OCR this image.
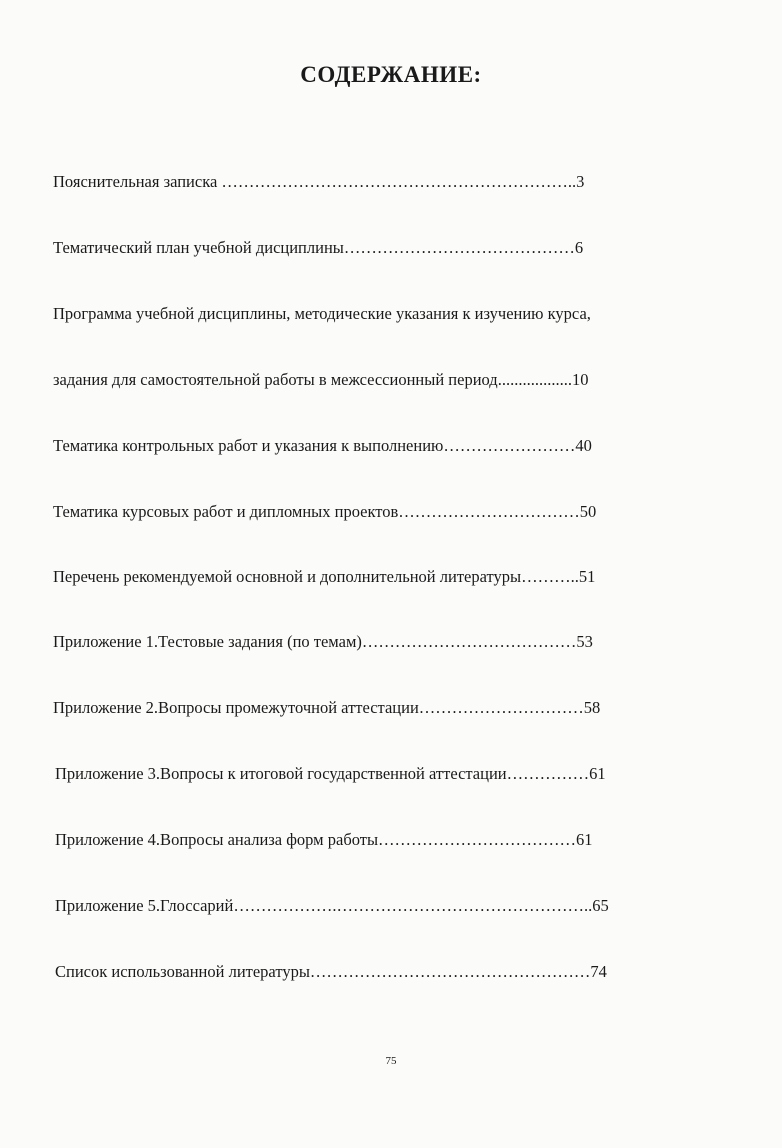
СОДЕРЖАНИЕ:
Пояснительная записка ………………………………………………………..3
Тематический план учебной дисциплины……………………………………6
Программа учебной дисциплины, методические указания к изучению курса,
задания для самостоятельной работы в межсессионный период..................10
Тематика контрольных работ и указания к выполнению……………………40
Тематика курсовых работ и дипломных проектов……………………………50
Перечень рекомендуемой основной и дополнительной литературы………..51
Приложение 1.Тестовые задания (по темам)…………………………………53
Приложение 2.Вопросы промежуточной аттестации…………………………58
Приложение 3.Вопросы к итоговой государственной аттестации……………61
Приложение 4.Вопросы анализа форм работы………………………………61
Приложение 5.Глоссарий……………….………………………………………..65
Список использованной литературы……………………………………………74
75
